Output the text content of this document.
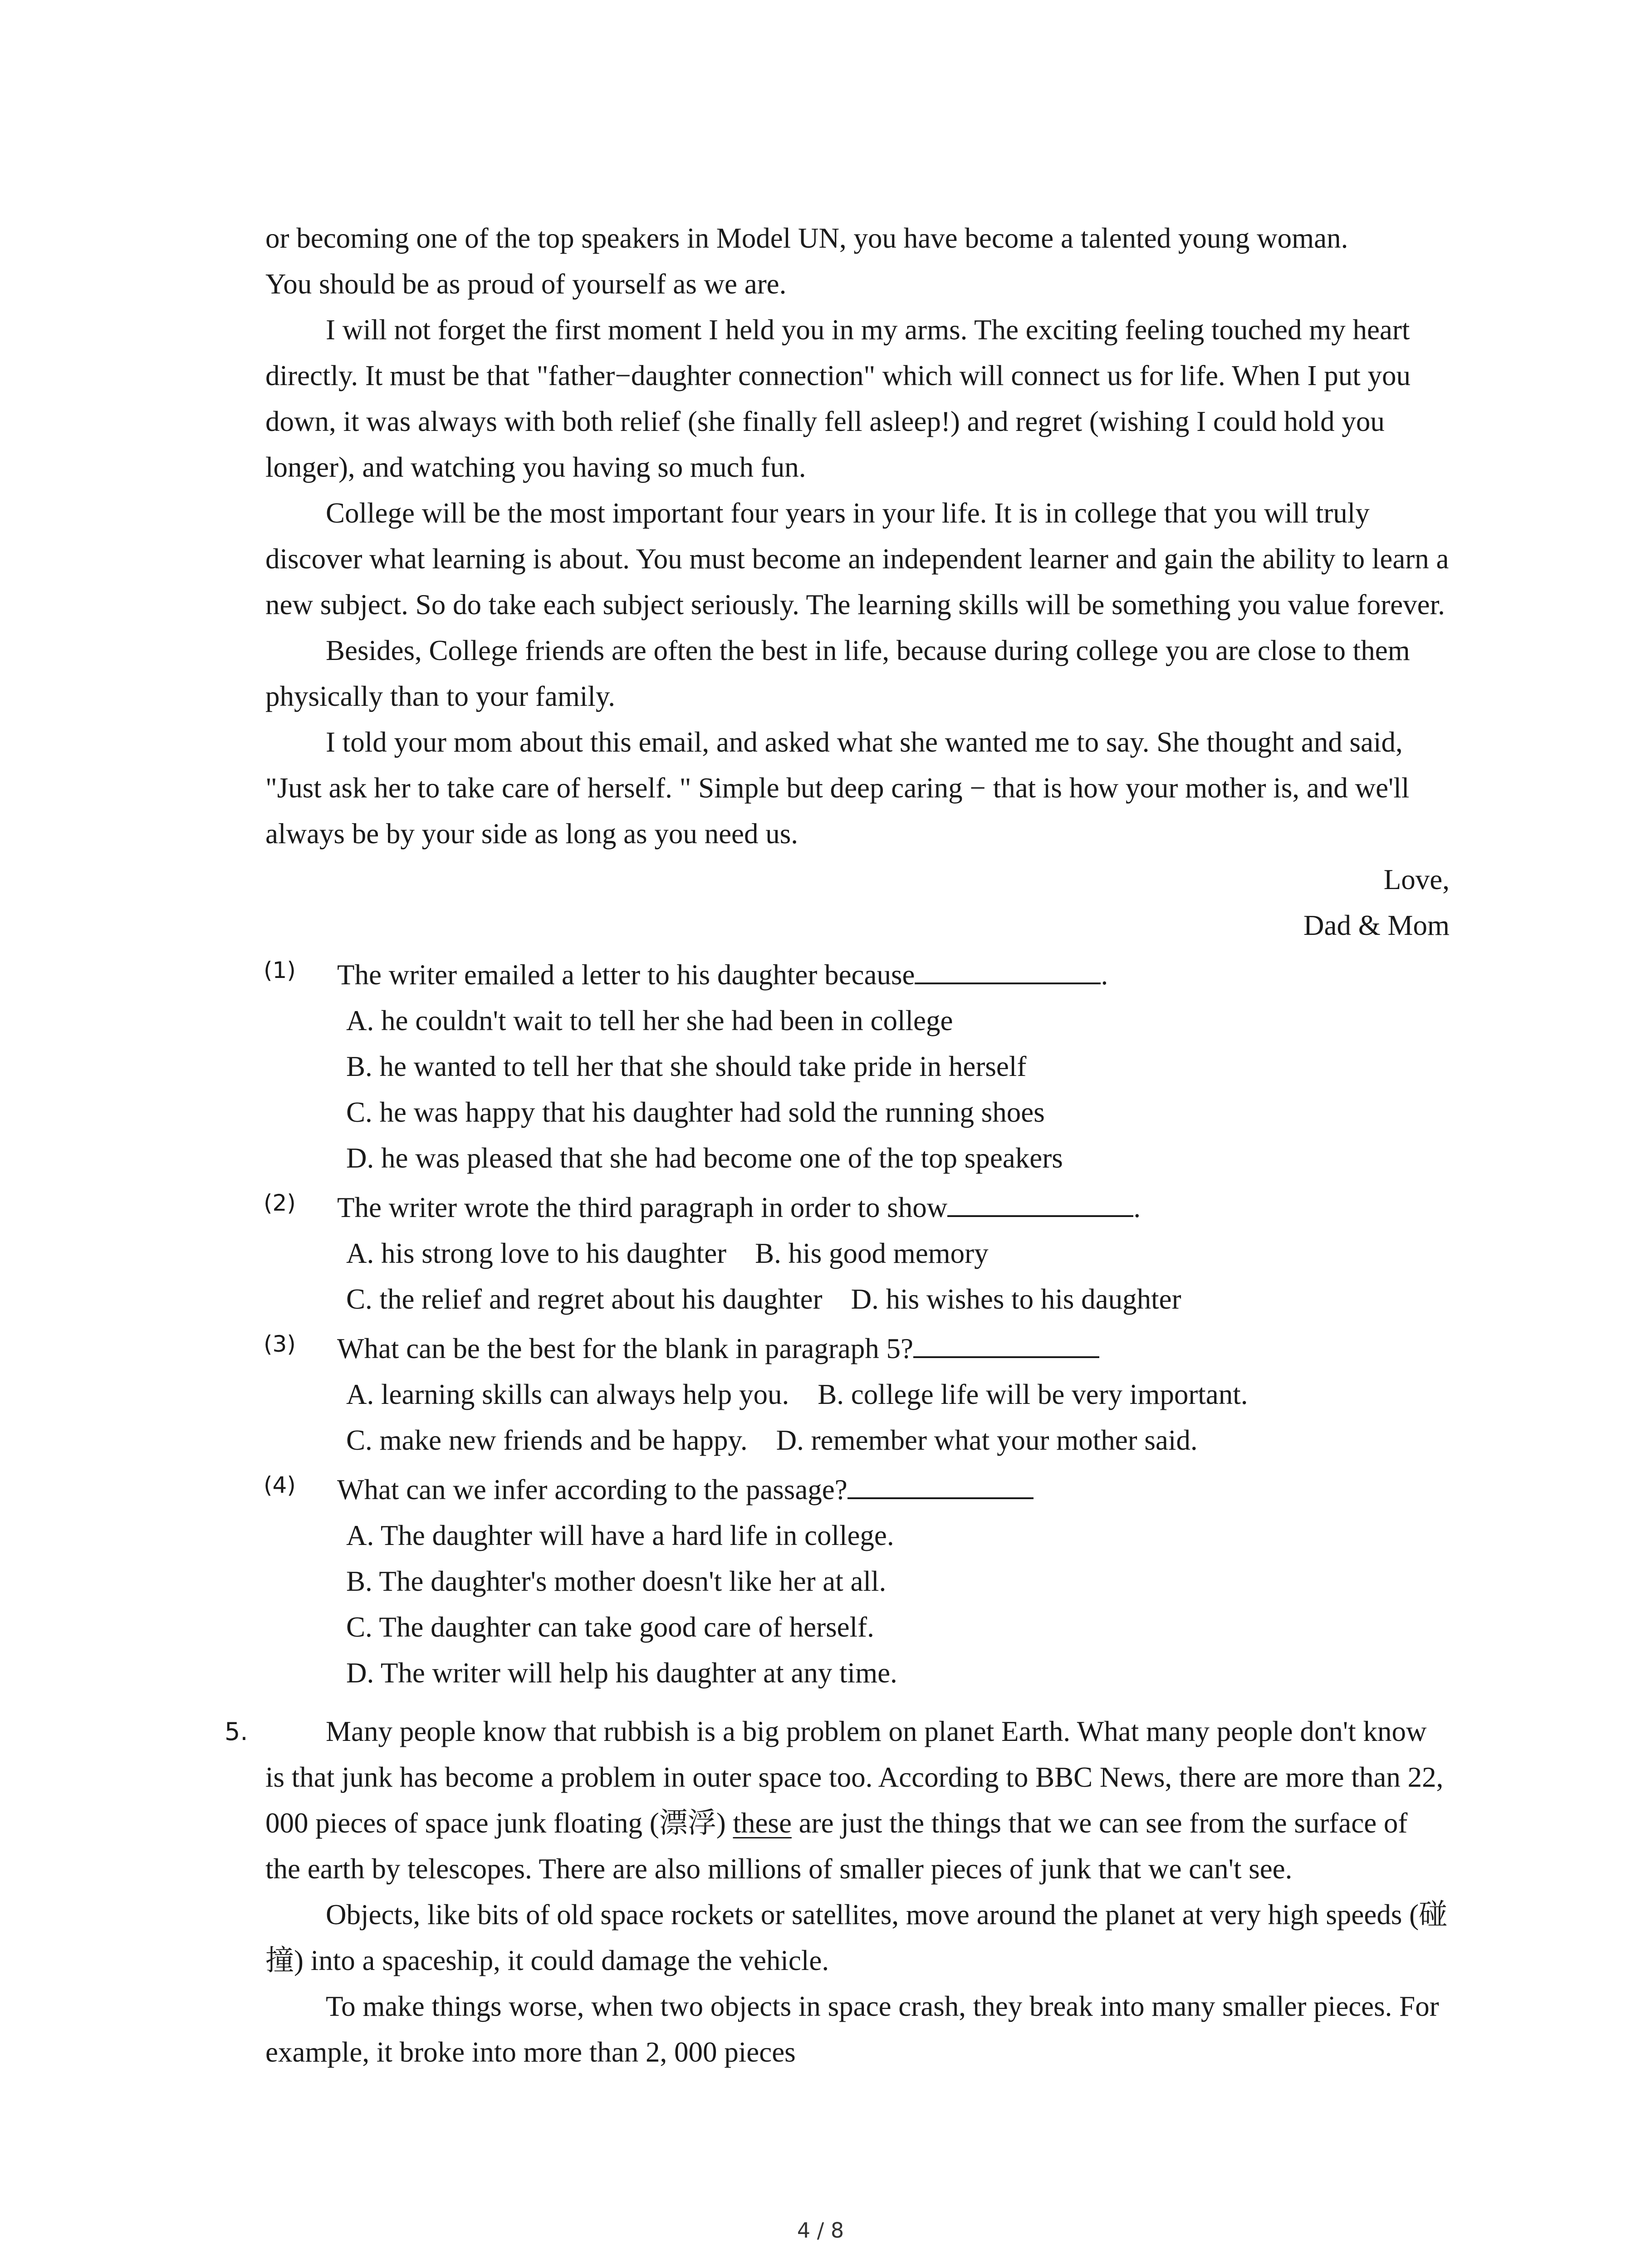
or becoming one of the top speakers in Model UN, you have become a talented young woman.

You should be as proud of yourself as we are.

I will not forget the first moment I held you in my arms. The exciting feeling touched my heart directly. It must be that "father−daughter connection" which will connect us for life. When I put you down, it was always with both relief (she finally fell asleep!) and regret (wishing I could hold you longer), and watching you having so much fun.

College will be the most important four years in your life. It is in college that you will truly discover what learning is about. You must become an independent learner and gain the ability to learn a new subject. So do take each subject seriously. The learning skills will be something you value forever.

Besides, College friends are often the best in life, because during college you are close to them physically than to your family.

I told your mom about this email, and asked what she wanted me to say. She thought and said, "Just ask her to take care of herself. " Simple but deep caring − that is how your mother is, and we'll always be by your side as long as you need us.

Love,

Dad & Mom

(1) The writer emailed a letter to his daughter because	.

A. he couldn't wait to tell her she had been in college

B. he wanted to tell her that she should take pride in herself

C. he was happy that his daughter had sold the running shoes

D. he was pleased that she had become one of the top speakers

(2) The writer wrote the third paragraph in order to show	.

A. his strong love to his daughter B. his good memory

C. the relief and regret about his daughter D. his wishes to his daughter

(3) What can be the best for the blank in paragraph 5?

A. learning skills can always help you. B. college life will be very important.

C. make new friends and be happy. D. remember what your mother said.

(4) What can we infer according to the passage?

A. The daughter will have a hard life in college.

B. The daughter's mother doesn't like her at all.

C. The daughter can take good care of herself.

D. The writer will help his daughter at any time.

5.	Many people know that rubbish is a big problem on planet Earth. What many people don't know is that junk has become a problem in outer space too. According to BBC News, there are more than 22, 000 pieces of space junk floating (漂浮) these are just the things that we can see from the surface of the earth by telescopes. There are also millions of smaller pieces of junk that we can't see.

Objects, like bits of old space rockets or satellites, move around the planet at very high speeds (碰撞) into a spaceship, it could damage the vehicle.

To make things worse, when two objects in space crash, they break into many smaller pieces. For example, it broke into more than 2, 000 pieces

4 / 8
